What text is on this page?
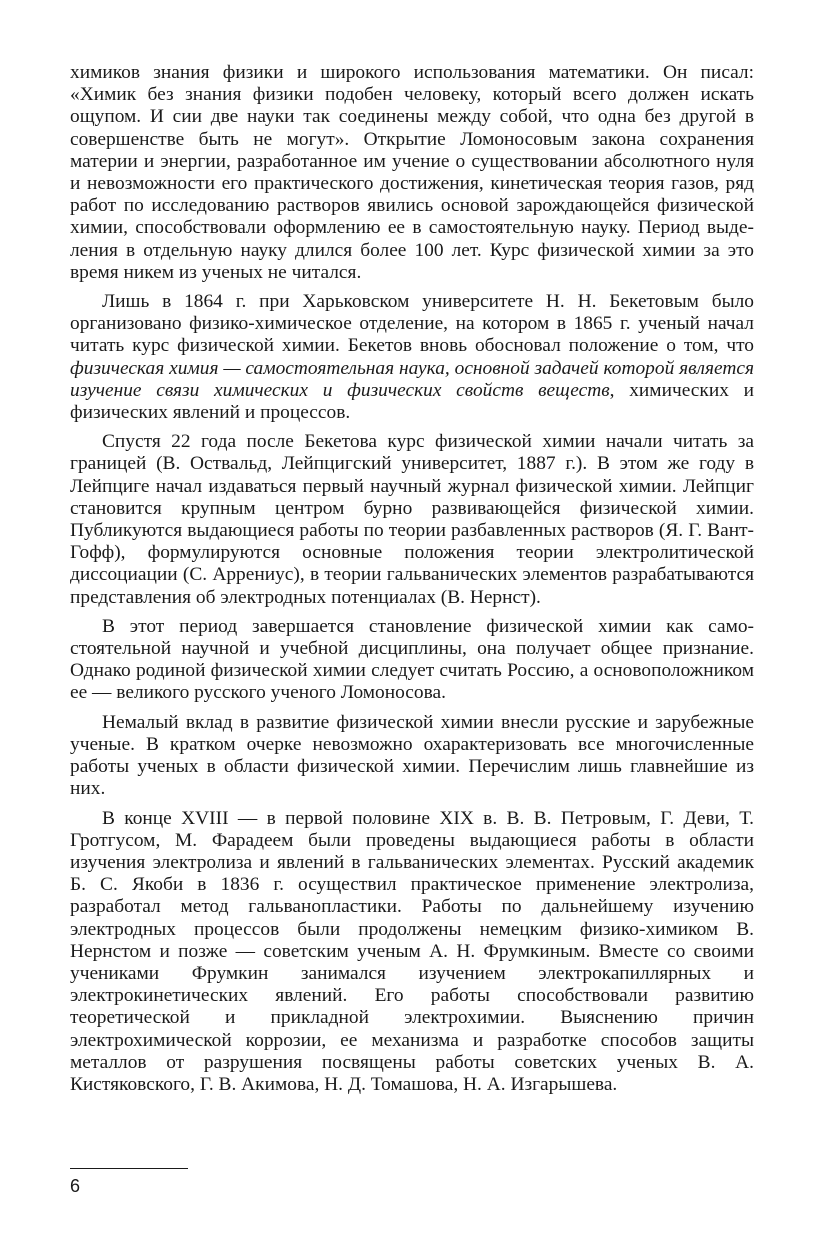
химиков знания физики и широкого использования математики. Он писал: «Химик без знания физики подобен человеку, который всего должен искать ощупом. И сии две науки так соединены между собой, что одна без другой в совершенстве быть не могут». Открытие Ломоносовым закона сохранения материи и энергии, разработанное им учение о существовании абсолютного нуля и невозможности его практического достижения, кинетическая теория газов, ряд работ по исследованию растворов явились основой зарождающейся физической химии, способствовали оформлению ее в самостоятельную науку. Период выделения в отдельную науку длился более 100 лет. Курс физической химии за это время никем из ученых не читался.

Лишь в 1864 г. при Харьковском университете Н. Н. Бекетовым было организовано физико-химическое отделение, на котором в 1865 г. ученый начал читать курс физической химии. Бекетов вновь обосновал положение о том, что физическая химия — самостоятельная наука, основной задачей которой является изучение связи химических и физических свойств веществ, химических и физических явлений и процессов.

Спустя 22 года после Бекетова курс физической химии начали читать за границей (В. Оствальд, Лейпцигский университет, 1887 г.). В этом же году в Лейпциге начал издаваться первый научный журнал физической химии. Лейпциг становится крупным центром бурно развивающейся физической химии. Публикуются выдающиеся работы по теории разбавленных растворов (Я. Г. Вант-Гофф), формулируются основные положения теории электролитической диссоциации (С. Аррениус), в теории гальванических элементов разрабатываются представления об электродных потенциалах (В. Нернст).

В этот период завершается становление физической химии как самостоятельной научной и учебной дисциплины, она получает общее признание. Однако родиной физической химии следует считать Россию, а основоположником ее — великого русского ученого Ломоносова.

Немалый вклад в развитие физической химии внесли русские и зарубежные ученые. В кратком очерке невозможно охарактеризовать все многочисленные работы ученых в области физической химии. Перечислим лишь главнейшие из них.

В конце XVIII — в первой половине XIX в. В. В. Петровым, Г. Деви, Т. Гротгусом, М. Фарадеем были проведены выдающиеся работы в области изучения электролиза и явлений в гальванических элементах. Русский академик Б. С. Якоби в 1836 г. осуществил практическое применение электролиза, разработал метод гальванопластики. Работы по дальнейшему изучению электродных процессов были продолжены немецким физико-химиком В. Нернстом и позже — советским ученым А. Н. Фрумкиным. Вместе со своими учениками Фрумкин занимался изучением электрокапиллярных и электрокинетических явлений. Его работы способствовали развитию теоретической и прикладной электрохимии. Выяснению причин электрохимической коррозии, ее механизма и разработке способов защиты металлов от разрушения посвящены работы советских ученых В. А. Кистяковского, Г. В. Акимова, Н. Д. Томашова, Н. А. Изгарышева.

6
